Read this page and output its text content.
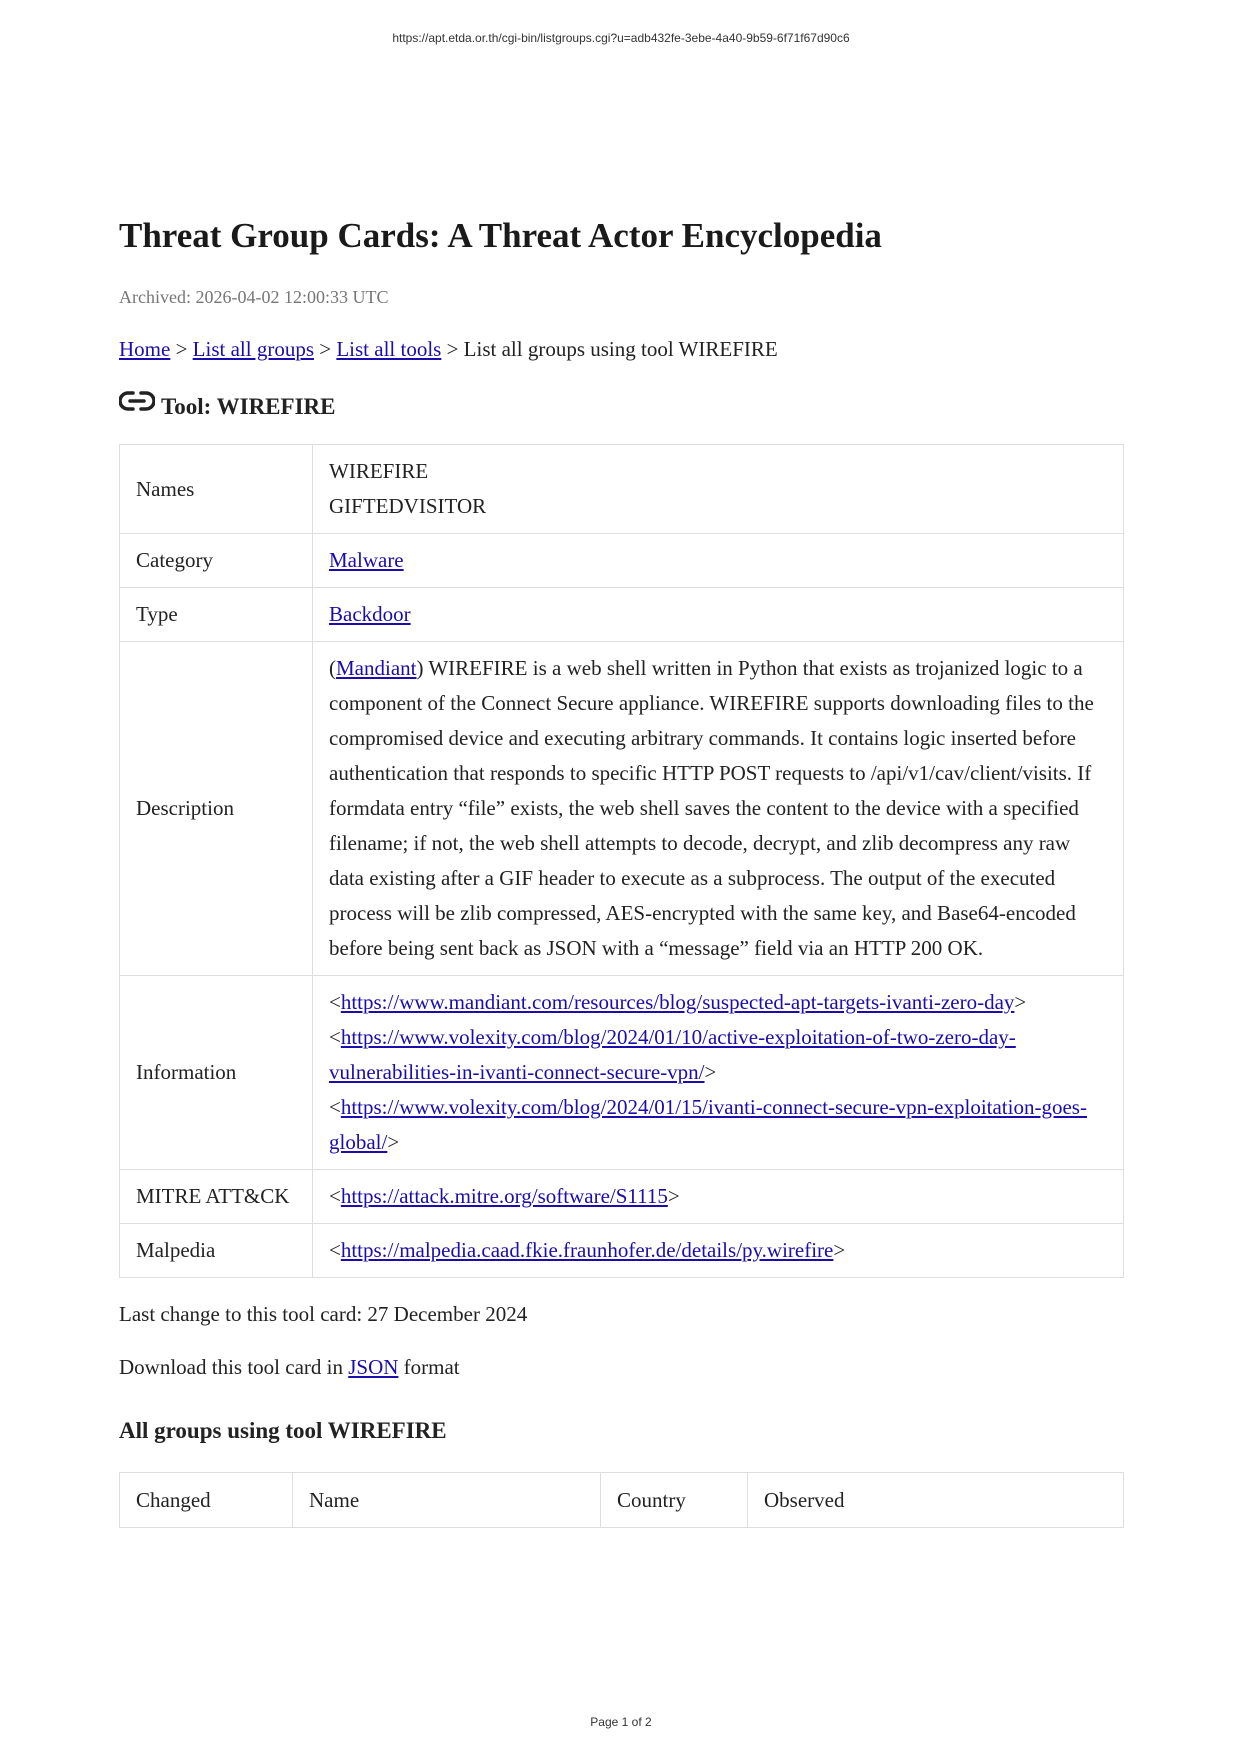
https://apt.etda.or.th/cgi-bin/listgroups.cgi?u=adb432fe-3ebe-4a40-9b59-6f71f67d90c6
Threat Group Cards: A Threat Actor Encyclopedia
Archived: 2026-04-02 12:00:33 UTC
Home > List all groups > List all tools > List all groups using tool WIREFIRE
Tool: WIREFIRE
Names	WIREFIRE
GIFTEDVISITOR

Category	Malware
Type	Backdoor
Description	(Mandiant) WIREFIRE is a web shell written in Python that exists as trojanized logic to a component of the Connect Secure appliance. WIREFIRE supports downloading files to the compromised device and executing arbitrary commands. It contains logic inserted before authentication that responds to specific HTTP POST requests to /api/v1/cav/client/visits. If formdata entry “file” exists, the web shell saves the content to the device with a specified filename; if not, the web shell attempts to decode, decrypt, and zlib decompress any raw data existing after a GIF header to execute as a subprocess. The output of the executed process will be zlib compressed, AES-encrypted with the same key, and Base64-encoded before being sent back as JSON with a “message” field via an HTTP 200 OK.
Information	<https://www.mandiant.com/resources/blog/suspected-apt-targets-ivanti-zero-day>
<https://www.volexity.com/blog/2024/01/10/active-exploitation-of-two-zero-day-vulnerabilities-in-ivanti-connect-secure-vpn/>
<https://www.volexity.com/blog/2024/01/15/ivanti-connect-secure-vpn-exploitation-goes-global/>

MITRE ATT&CK	<https://attack.mitre.org/software/S1115>
Malpedia	<https://malpedia.caad.fkie.fraunhofer.de/details/py.wirefire>
Last change to this tool card: 27 December 2024
Download this tool card in JSON format
All groups using tool WIREFIRE
Changed	Name	Country	Observed
Page 1 of 2
